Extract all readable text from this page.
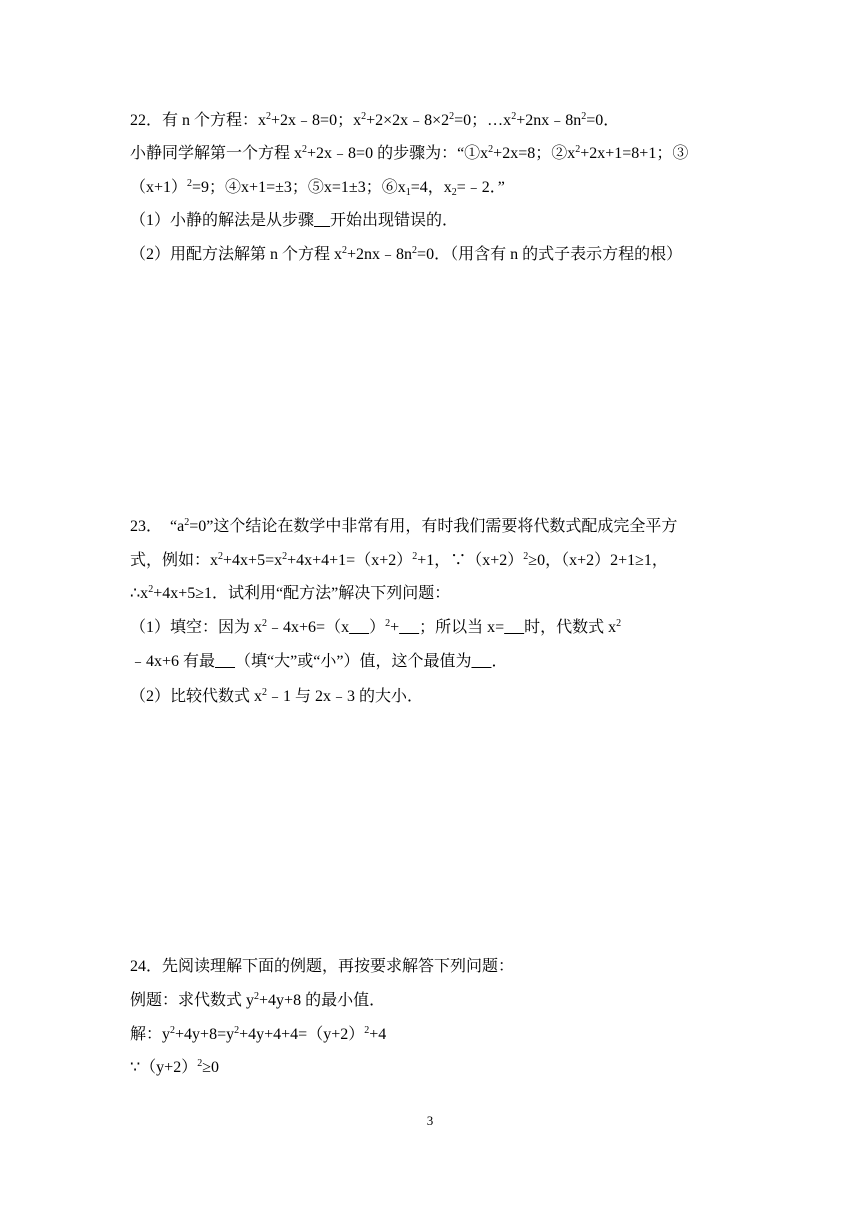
22．有 n 个方程：$x^2+2x﹣8=0$；$x^2+2\times 2x﹣8\times 2^2=0$；$\dots x^2+2nx﹣8n^2=0$．
小静同学解第一个方程 $x^2+2x﹣8=0$ 的步骤为：“$①x^2+2x=8$；$②x^2+2x+1=8+1$；③
$(x+1)^2=9$；④x+1=±3；⑤x=1±3；$⑥x_1=4$，$x_2=﹣2$．”
（1）小静的解法是从步骤 开始出现错误的．
（2）用配方法解第 n 个方程 $x^2+2nx﹣8n^2=0$．（用含有 n 的式子表示方程的根）
23．  “$a^2=0$”这个结论在数学中非常有用，有时我们需要将代数式配成完全平方
式，例如：$x^2+4x+5=x^2+4x+4+1=(x+2)^2+1$，$\because(x+2)^2\ge 0$，（x+2）2+1≥1，
$\therefore x^2+4x+5\ge 1$．试利用“配方法”解决下列问题：
（1）填空：因为 $x^2﹣4x+6=(x$ ）$^2$+ ；所以当 x= 时，代数式 $x^2$
﹣4x+6 有最 （填“大”或“小”）值，这个最值为 ．
（2）比较代数式 $x^2﹣1$ 与 2x﹣3 的大小．
24．先阅读理解下面的例题，再按要求解答下列问题：
例题：求代数式 $y^2+4y+8$ 的最小值．
解：$y^2+4y+8=y^2+4y+4+4=(y+2)^2+4$
$\because(y+2)^2\ge 0$
3
